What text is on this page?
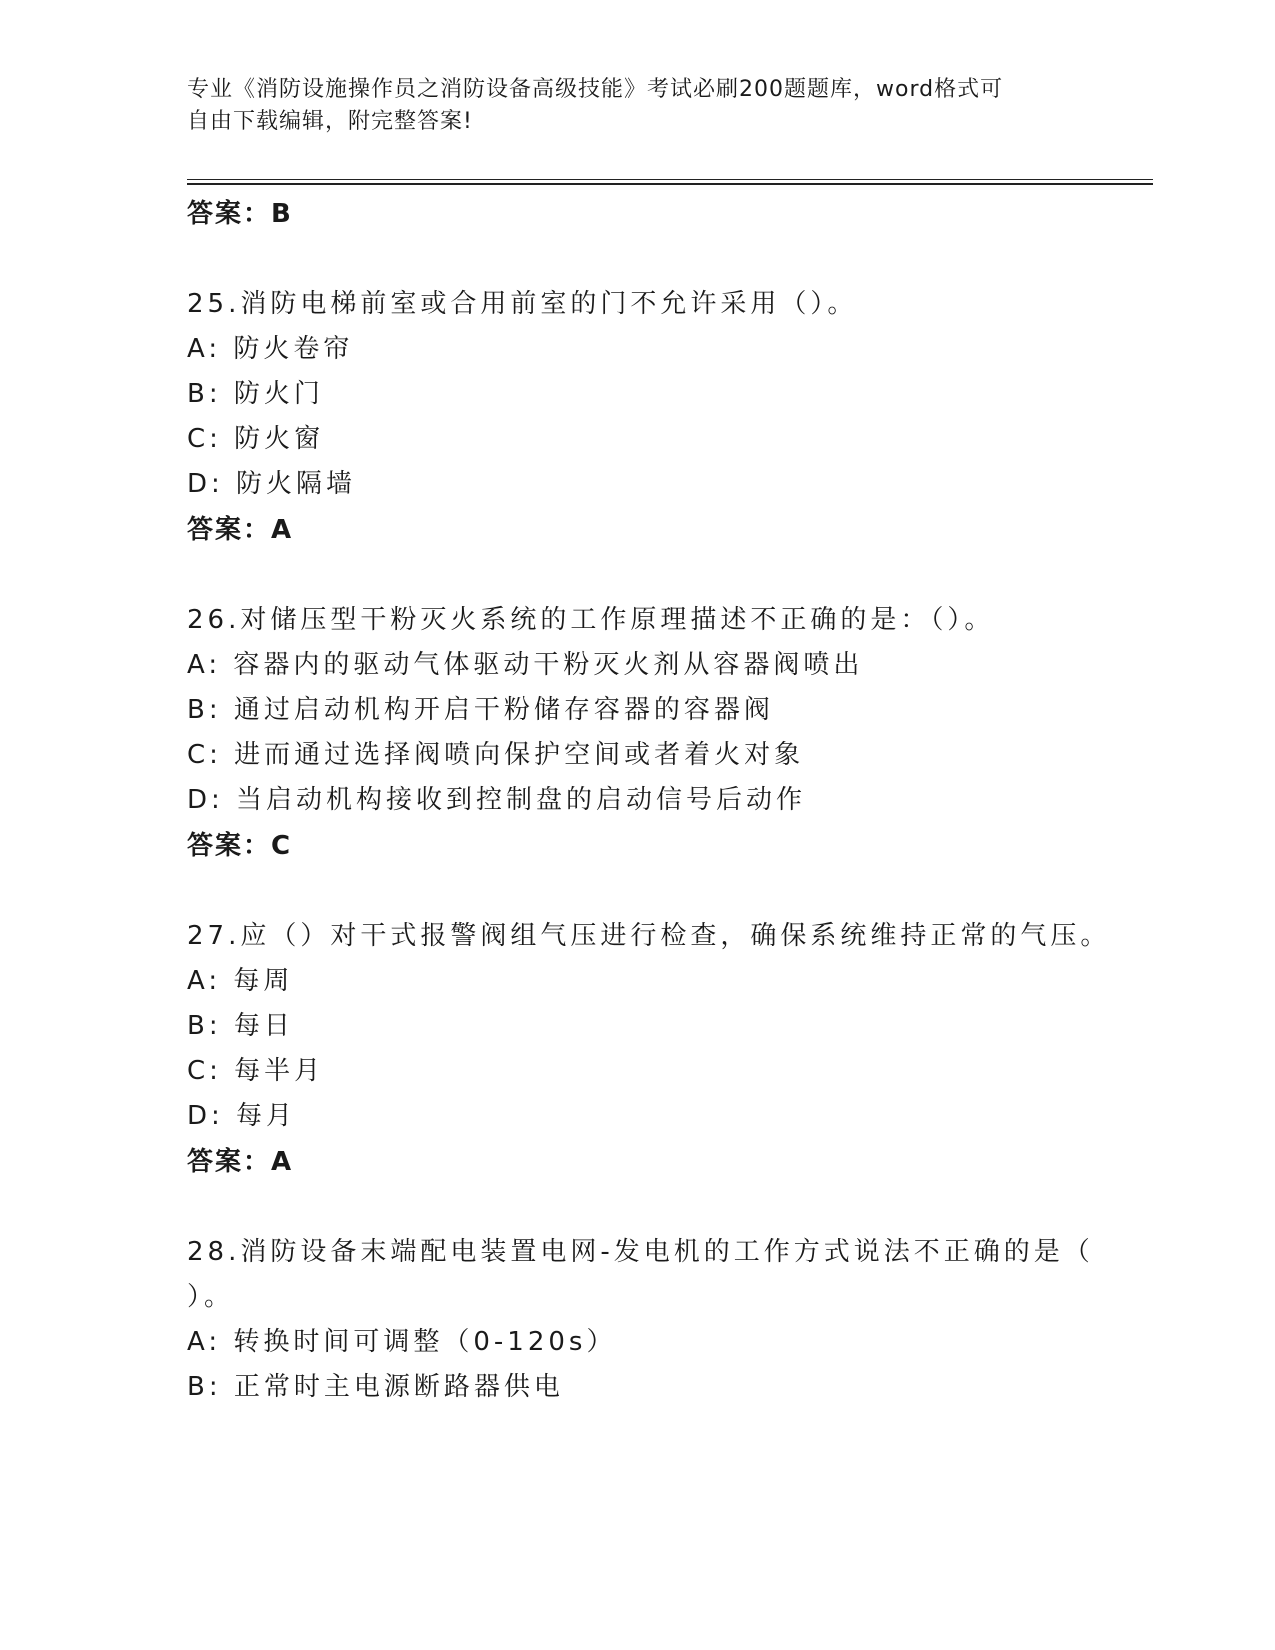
专业《消防设施操作员之消防设备高级技能》考试必刷200题题库，word格式可
自由下载编辑，附完整答案!
答案：B
25.消防电梯前室或合用前室的门不允许采用（）。
A: 防火卷帘
B: 防火门
C: 防火窗
D: 防火隔墙
答案：A
26.对储压型干粉灭火系统的工作原理描述不正确的是：（）。
A: 容器内的驱动气体驱动干粉灭火剂从容器阀喷出
B: 通过启动机构开启干粉储存容器的容器阀
C: 进而通过选择阀喷向保护空间或者着火对象
D: 当启动机构接收到控制盘的启动信号后动作
答案：C
27.应（）对干式报警阀组气压进行检查，确保系统维持正常的气压。
A: 每周
B: 每日
C: 每半月
D: 每月
答案：A
28.消防设备末端配电装置电网-发电机的工作方式说法不正确的是（
）。
A: 转换时间可调整（0-120s）
B: 正常时主电源断路器供电
